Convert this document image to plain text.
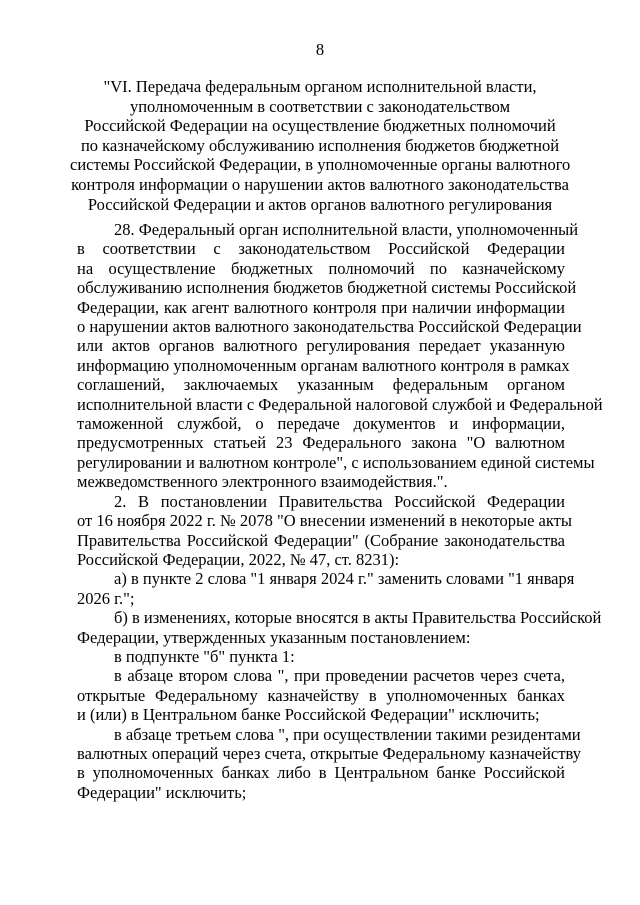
8
"VI. Передача федеральным органом исполнительной власти,
уполномоченным в соответствии с законодательством
Российской Федерации на осуществление бюджетных полномочий
по казначейскому обслуживанию исполнения бюджетов бюджетной
системы Российской Федерации, в уполномоченные органы валютного
контроля информации о нарушении актов валютного законодательства
Российской Федерации и актов органов валютного регулирования
28. Федеральный орган исполнительной власти, уполномоченный
в соответствии с законодательством Российской Федерации
на осуществление бюджетных полномочий по казначейскому
обслуживанию исполнения бюджетов бюджетной системы Российской
Федерации, как агент валютного контроля при наличии информации
о нарушении актов валютного законодательства Российской Федерации
или актов органов валютного регулирования передает указанную
информацию уполномоченным органам валютного контроля в рамках
соглашений, заключаемых указанным федеральным органом
исполнительной власти с Федеральной налоговой службой и Федеральной
таможенной службой, о передаче документов и информации,
предусмотренных статьей 23 Федерального закона "О валютном
регулировании и валютном контроле", с использованием единой системы
межведомственного электронного взаимодействия.".
2. В постановлении Правительства Российской Федерации
от 16 ноября 2022 г. № 2078 "О внесении изменений в некоторые акты
Правительства Российской Федерации" (Собрание законодательства
Российской Федерации, 2022, № 47, ст. 8231):
а) в пункте 2 слова "1 января 2024 г." заменить словами "1 января
2026 г.";
б) в изменениях, которые вносятся в акты Правительства Российской
Федерации, утвержденных указанным постановлением:
в подпункте "б" пункта 1:
в абзаце втором слова ", при проведении расчетов через счета,
открытые Федеральному казначейству в уполномоченных банках
и (или) в Центральном банке Российской Федерации" исключить;
в абзаце третьем слова ", при осуществлении такими резидентами
валютных операций через счета, открытые Федеральному казначейству
в уполномоченных банках либо в Центральном банке Российской
Федерации" исключить;
